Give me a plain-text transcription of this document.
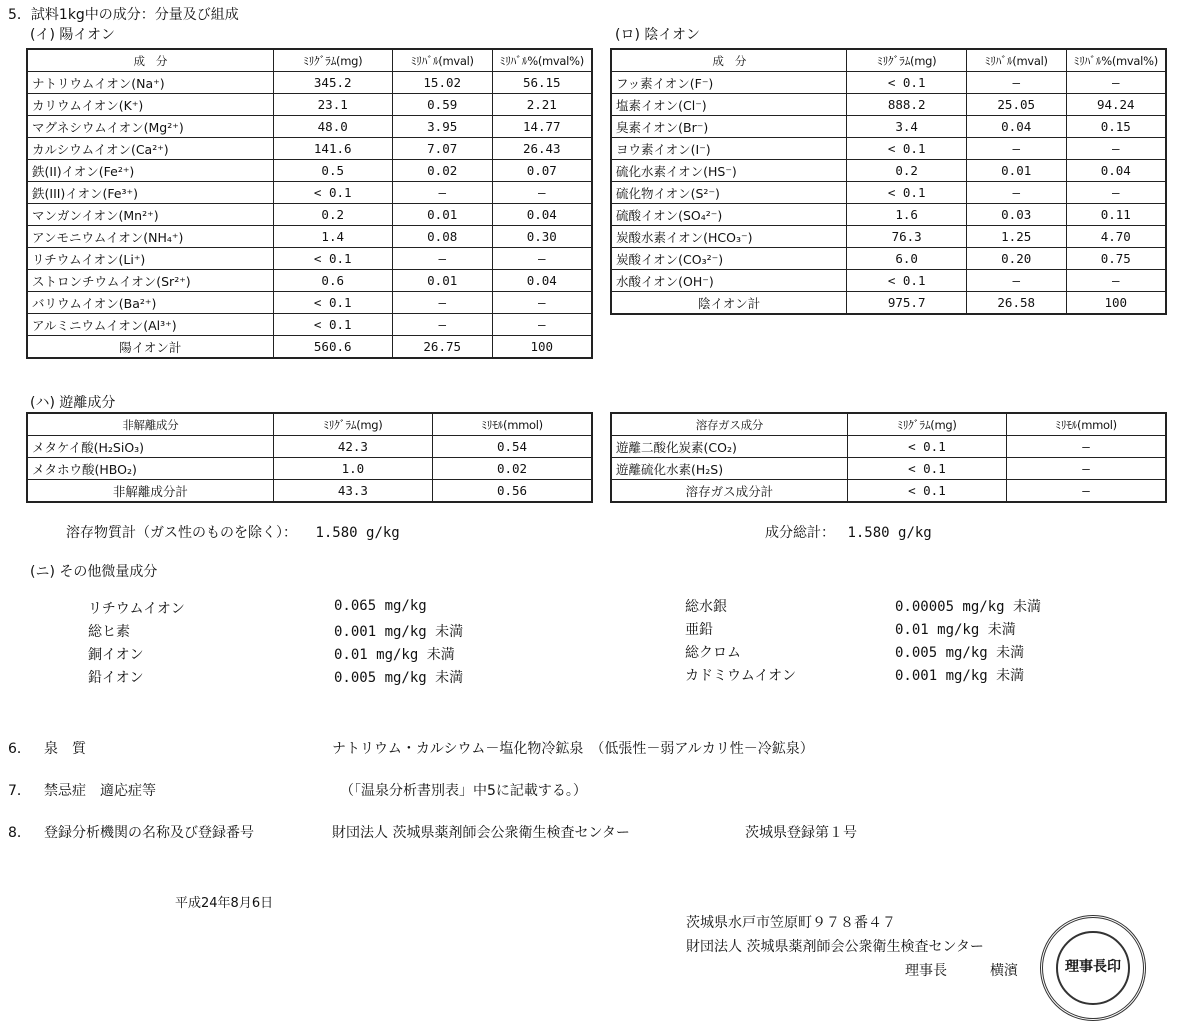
5．試料1kg中の成分：分量及び組成
(イ) 陽イオン
成　分	ﾐﾘｸﾞﾗﾑ(mg)	ﾐﾘﾊﾞﾙ(mval)	ﾐﾘﾊﾞﾙ%(mval%)
ナトリウムイオン(Na⁺)	345.2	15.02	56.15
カリウムイオン(K⁺)	23.1	0.59	2.21
マグネシウムイオン(Mg²⁺)	48.0	3.95	14.77
カルシウムイオン(Ca²⁺)	141.6	7.07	26.43
鉄(II)イオン(Fe²⁺)	0.5	0.02	0.07
鉄(III)イオン(Fe³⁺)	< 0.1	—	—
マンガンイオン(Mn²⁺)	0.2	0.01	0.04
アンモニウムイオン(NH₄⁺)	1.4	0.08	0.30
リチウムイオン(Li⁺)	< 0.1	—	—
ストロンチウムイオン(Sr²⁺)	0.6	0.01	0.04
バリウムイオン(Ba²⁺)	< 0.1	—	—
アルミニウムイオン(Al³⁺)	< 0.1	—	—
陽イオン計	560.6	26.75	100
(ロ) 陰イオン
成　分	ﾐﾘｸﾞﾗﾑ(mg)	ﾐﾘﾊﾞﾙ(mval)	ﾐﾘﾊﾞﾙ%(mval%)
フッ素イオン(F⁻)	< 0.1	—	—
塩素イオン(Cl⁻)	888.2	25.05	94.24
臭素イオン(Br⁻)	3.4	0.04	0.15
ヨウ素イオン(I⁻)	< 0.1	—	—
硫化水素イオン(HS⁻)	0.2	0.01	0.04
硫化物イオン(S²⁻)	< 0.1	—	—
硫酸イオン(SO₄²⁻)	1.6	0.03	0.11
炭酸水素イオン(HCO₃⁻)	76.3	1.25	4.70
炭酸イオン(CO₃²⁻)	6.0	0.20	0.75
水酸イオン(OH⁻)	< 0.1	—	—
陰イオン計	975.7	26.58	100
(ハ) 遊離成分
非解離成分	ﾐﾘｸﾞﾗﾑ(mg)	ﾐﾘﾓﾙ(mmol)
メタケイ酸(H₂SiO₃)	42.3	0.54
メタホウ酸(HBO₂)	1.0	0.02
非解離成分計	43.3	0.56
溶存ガス成分	ﾐﾘｸﾞﾗﾑ(mg)	ﾐﾘﾓﾙ(mmol)
遊離二酸化炭素(CO₂)	< 0.1	—
遊離硫化水素(H₂S)	< 0.1	—
溶存ガス成分計	< 0.1	—
溶存物質計（ガス性のものを除く）： 1.580 g/kg	成分総計： 1.580 g/kg
(ニ) その他微量成分
リチウムイオン	0.065 mg/kg
総ヒ素	0.001 mg/kg 未満
銅イオン	0.01 mg/kg 未満
鉛イオン	0.005 mg/kg 未満
総水銀	0.00005 mg/kg 未満
亜鉛	0.01 mg/kg 未満
総クロム	0.005 mg/kg 未満
カドミウムイオン	0.001 mg/kg 未満
6． 泉　質	ナトリウム・カルシウム－塩化物冷鉱泉　（低張性－弱アルカリ性－冷鉱泉）
7． 禁忌症　適応症等	（「温泉分析書別表」中5に記載する。）
8． 登録分析機関の名称及び登録番号	財団法人 茨城県薬剤師会公衆衛生検査センター	茨城県登録第１号
平成24年8月6日
茨城県水戸市笠原町９７８番４７
財団法人 茨城県薬剤師会公衆衛生検査センター
理事長	横濱	理事長印
